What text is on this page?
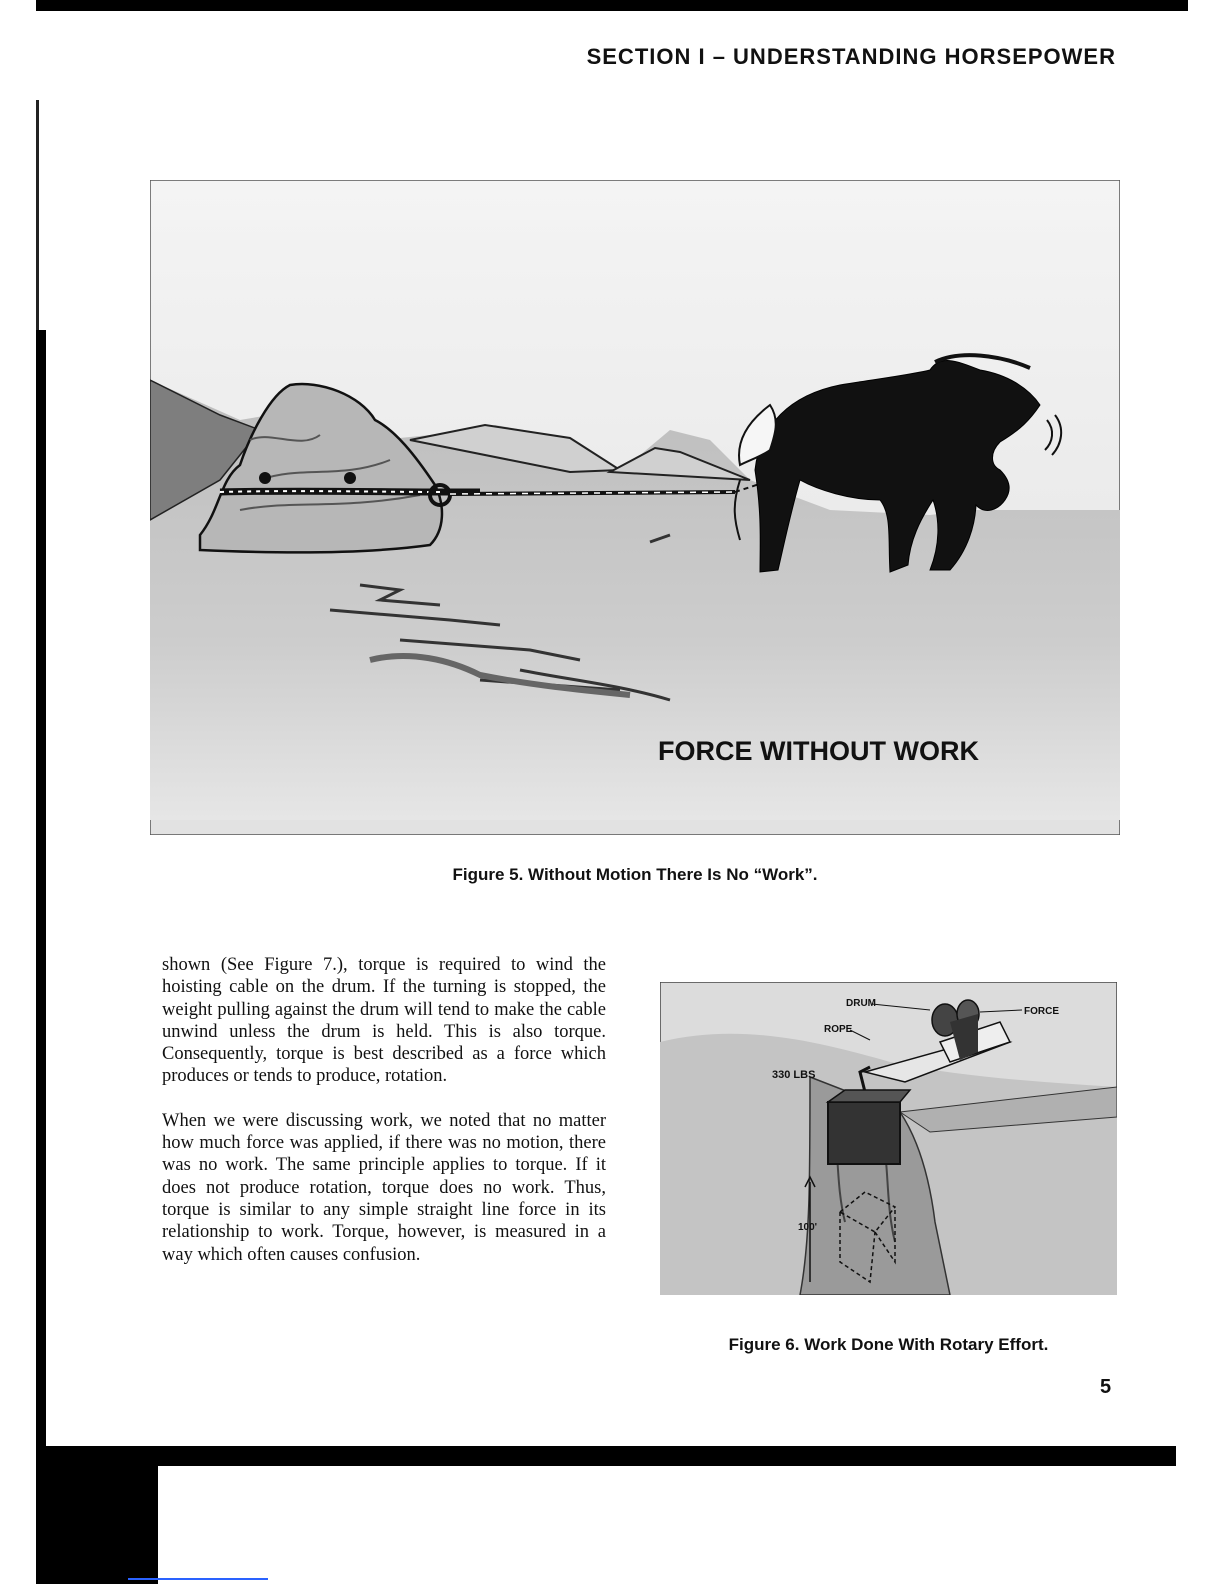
SECTION I – UNDERSTANDING HORSEPOWER
FORCE WITHOUT WORK
Figure 5. Without Motion There Is No “Work”.

shown (See Figure 7.), torque is required to wind the hoisting cable on the drum. If the turning is stopped, the weight pulling against the drum will tend to make the cable unwind unless the drum is held. This is also torque. Consequently, torque is best described as a force which produces or tends to produce, rotation.

When we were discussing work, we noted that no matter how much force was applied, if there was no motion, there was no work. The same principle applies to torque. If it does not produce rotation, torque does no work. Thus, torque is similar to any simple straight line force in its relationship to work. Torque, however, is measured in a way which often causes confusion.

DRUM
ROPE
FORCE
330 LBS
100'
Figure 6. Work Done With Rotary Effort.
5
